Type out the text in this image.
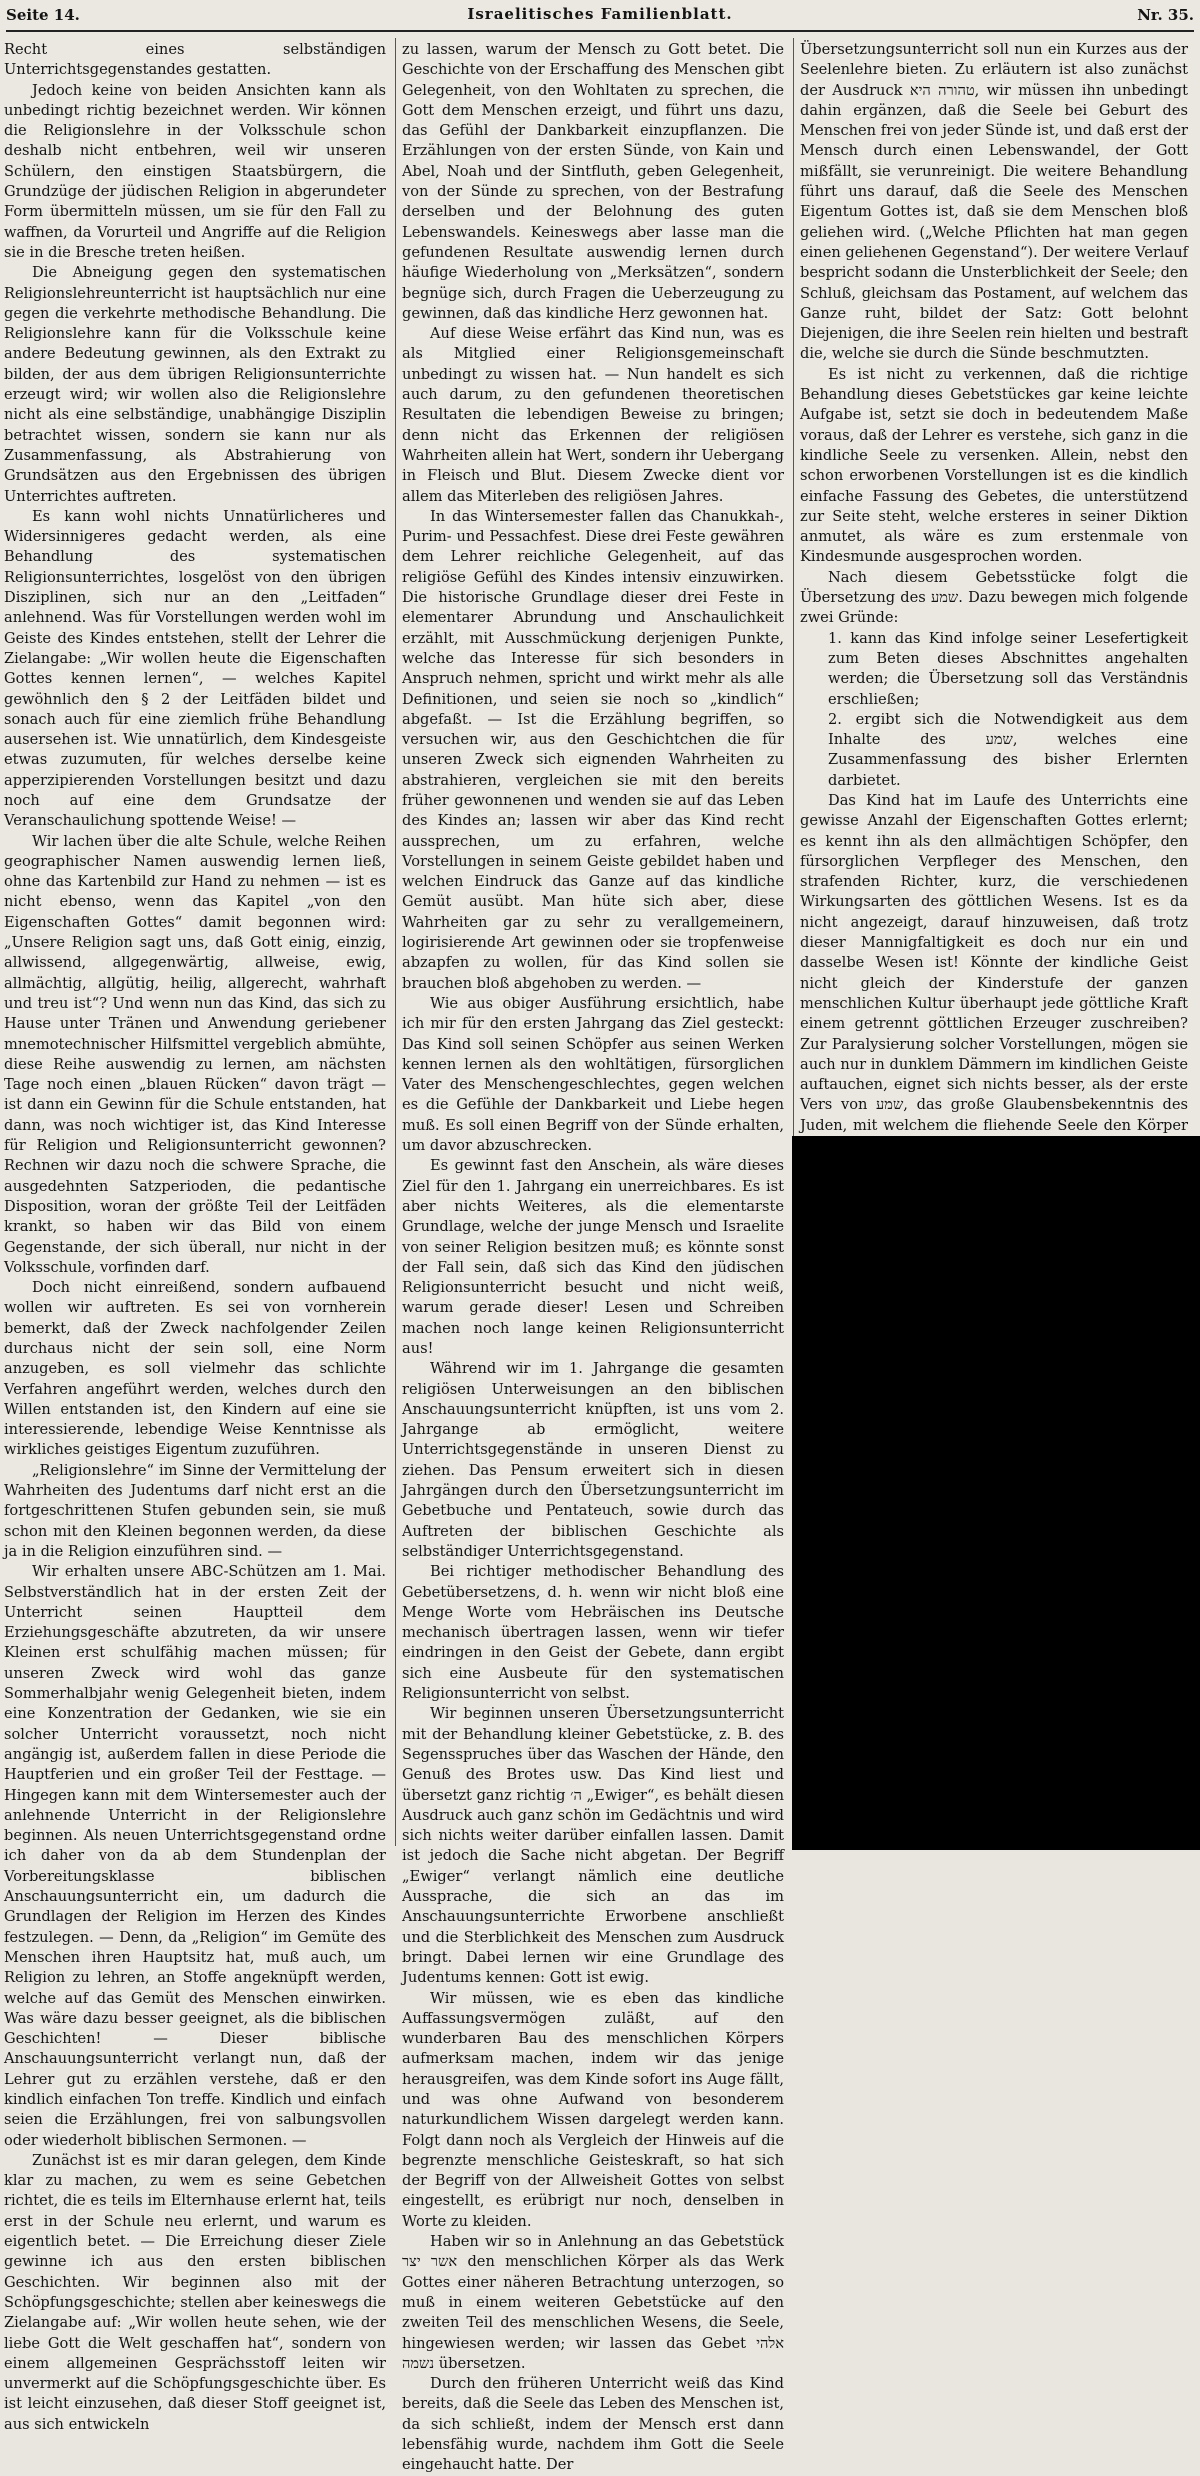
Seite 14.	Israelitisches Familienblatt.	Nr. 35.

Recht eines selbständigen Unterrichtsgegenstandes gestatten.

Jedoch keine von beiden Ansichten kann als unbedingt richtig bezeichnet werden. Wir können die Religionslehre in der Volksschule schon deshalb nicht entbehren, weil wir unseren Schülern, den einstigen Staatsbürgern, die Grundzüge der jüdischen Religion in abgerundeter Form übermitteln müssen, um sie für den Fall zu waffnen, da Vorurteil und Angriffe auf die Religion sie in die Bresche treten heißen.

Die Abneigung gegen den systematischen Religionslehreunterricht ist hauptsächlich nur eine gegen die verkehrte methodische Behandlung. Die Religionslehre kann für die Volksschule keine andere Bedeutung gewinnen, als den Extrakt zu bilden, der aus dem übrigen Religionsunterrichte erzeugt wird; wir wollen also die Religionslehre nicht als eine selbständige, unabhängige Disziplin betrachtet wissen, sondern sie kann nur als Zusammenfassung, als Abstrahierung von Grundsätzen aus den Ergebnissen des übrigen Unterrichtes auftreten.

Es kann wohl nichts Unnatürlicheres und Widersinnigeres gedacht werden, als eine Behandlung des systematischen Religionsunterrichtes, losgelöst von den übrigen Disziplinen, sich nur an den „Leitfaden“ anlehnend. Was für Vorstellungen werden wohl im Geiste des Kindes entstehen, stellt der Lehrer die Zielangabe: „Wir wollen heute die Eigenschaften Gottes kennen lernen“, — welches Kapitel gewöhnlich den § 2 der Leitfäden bildet und sonach auch für eine ziemlich frühe Behandlung ausersehen ist. Wie unnatürlich, dem Kindesgeiste etwas zuzumuten, für welches derselbe keine apperzipierenden Vorstellungen besitzt und dazu noch auf eine dem Grundsatze der Veranschaulichung spottende Weise! —

Wir lachen über die alte Schule, welche Reihen geographischer Namen auswendig lernen ließ, ohne das Kartenbild zur Hand zu nehmen — ist es nicht ebenso, wenn das Kapitel „von den Eigenschaften Gottes“ damit begonnen wird: „Unsere Religion sagt uns, daß Gott einig, einzig, allwissend, allgegenwärtig, allweise, ewig, allmächtig, allgütig, heilig, allgerecht, wahrhaft und treu ist“? Und wenn nun das Kind, das sich zu Hause unter Tränen und Anwendung geriebener mnemotechnischer Hilfsmittel vergeblich abmühte, diese Reihe auswendig zu lernen, am nächsten Tage noch einen „blauen Rücken“ davon trägt — ist dann ein Gewinn für die Schule entstanden, hat dann, was noch wichtiger ist, das Kind Interesse für Religion und Religionsunterricht gewonnen? Rechnen wir dazu noch die schwere Sprache, die ausgedehnten Satzperioden, die pedantische Disposition, woran der größte Teil der Leitfäden krankt, so haben wir das Bild von einem Gegenstande, der sich überall, nur nicht in der Volksschule, vorfinden darf.

Doch nicht einreißend, sondern aufbauend wollen wir auftreten. Es sei von vornherein bemerkt, daß der Zweck nachfolgender Zeilen durchaus nicht der sein soll, eine Norm anzugeben, es soll vielmehr das schlichte Verfahren angeführt werden, welches durch den Willen entstanden ist, den Kindern auf eine sie interessierende, lebendige Weise Kenntnisse als wirkliches geistiges Eigentum zuzuführen.

„Religionslehre“ im Sinne der Vermittelung der Wahrheiten des Judentums darf nicht erst an die fortgeschrittenen Stufen gebunden sein, sie muß schon mit den Kleinen begonnen werden, da diese ja in die Religion einzuführen sind. —

Wir erhalten unsere ABC-Schützen am 1. Mai. Selbstverständlich hat in der ersten Zeit der Unterricht seinen Hauptteil dem Erziehungsgeschäfte abzutreten, da wir unsere Kleinen erst schulfähig machen müssen; für unseren Zweck wird wohl das ganze Sommerhalbjahr wenig Gelegenheit bieten, indem eine Konzentration der Gedanken, wie sie ein solcher Unterricht voraussetzt, noch nicht angängig ist, außerdem fallen in diese Periode die Hauptferien und ein großer Teil der Festtage. — Hingegen kann mit dem Wintersemester auch der anlehnende Unterricht in der Religionslehre beginnen. Als neuen Unterrichtsgegenstand ordne ich daher von da ab dem Stundenplan der Vorbereitungsklasse biblischen Anschauungsunterricht ein, um dadurch die Grundlagen der Religion im Herzen des Kindes festzulegen. — Denn, da „Religion“ im Gemüte des Menschen ihren Hauptsitz hat, muß auch, um Religion zu lehren, an Stoffe angeknüpft werden, welche auf das Gemüt des Menschen einwirken. Was wäre dazu besser geeignet, als die biblischen Geschichten! — Dieser biblische Anschauungsunterricht verlangt nun, daß der Lehrer gut zu erzählen verstehe, daß er den kindlich einfachen Ton treffe. Kindlich und einfach seien die Erzählungen, frei von salbungsvollen oder wiederholt biblischen Sermonen. —

Zunächst ist es mir daran gelegen, dem Kinde klar zu machen, zu wem es seine Gebetchen richtet, die es teils im Elternhause erlernt hat, teils erst in der Schule neu erlernt, und warum es eigentlich betet. — Die Erreichung dieser Ziele gewinne ich aus den ersten biblischen Geschichten. Wir beginnen also mit der Schöpfungsgeschichte; stellen aber keineswegs die Zielangabe auf: „Wir wollen heute sehen, wie der liebe Gott die Welt geschaffen hat“, sondern von einem allgemeinen Gesprächsstoff leiten wir unvermerkt auf die Schöpfungsgeschichte über. Es ist leicht einzusehen, daß dieser Stoff geeignet ist, aus sich entwickeln

zu lassen, warum der Mensch zu Gott betet. Die Geschichte von der Erschaffung des Menschen gibt Gelegenheit, von den Wohltaten zu sprechen, die Gott dem Menschen erzeigt, und führt uns dazu, das Gefühl der Dankbarkeit einzupflanzen. Die Erzählungen von der ersten Sünde, von Kain und Abel, Noah und der Sintfluth, geben Gelegenheit, von der Sünde zu sprechen, von der Bestrafung derselben und der Belohnung des guten Lebenswandels. Keineswegs aber lasse man die gefundenen Resultate auswendig lernen durch häufige Wiederholung von „Merksätzen“, sondern begnüge sich, durch Fragen die Ueberzeugung zu gewinnen, daß das kindliche Herz gewonnen hat.

Auf diese Weise erfährt das Kind nun, was es als Mitglied einer Religionsgemeinschaft unbedingt zu wissen hat. — Nun handelt es sich auch darum, zu den gefundenen theoretischen Resultaten die lebendigen Beweise zu bringen; denn nicht das Erkennen der religiösen Wahrheiten allein hat Wert, sondern ihr Uebergang in Fleisch und Blut. Diesem Zwecke dient vor allem das Miterleben des religiösen Jahres.

In das Wintersemester fallen das Chanukkah-, Purim- und Pessachfest. Diese drei Feste gewähren dem Lehrer reichliche Gelegenheit, auf das religiöse Gefühl des Kindes intensiv einzuwirken. Die historische Grundlage dieser drei Feste in elementarer Abrundung und Anschaulichkeit erzählt, mit Ausschmückung derjenigen Punkte, welche das Interesse für sich besonders in Anspruch nehmen, spricht und wirkt mehr als alle Definitionen, und seien sie noch so „kindlich“ abgefaßt. — Ist die Erzählung begriffen, so versuchen wir, aus den Geschichtchen die für unseren Zweck sich eignenden Wahrheiten zu abstrahieren, vergleichen sie mit den bereits früher gewonnenen und wenden sie auf das Leben des Kindes an; lassen wir aber das Kind recht aussprechen, um zu erfahren, welche Vorstellungen in seinem Geiste gebildet haben und welchen Eindruck das Ganze auf das kindliche Gemüt ausübt. Man hüte sich aber, diese Wahrheiten gar zu sehr zu verallgemeinern, logirisierende Art gewinnen oder sie tropfenweise abzapfen zu wollen, für das Kind sollen sie brauchen bloß abgehoben zu werden. —

Wie aus obiger Ausführung ersichtlich, habe ich mir für den ersten Jahrgang das Ziel gesteckt: Das Kind soll seinen Schöpfer aus seinen Werken kennen lernen als den wohltätigen, fürsorglichen Vater des Menschengeschlechtes, gegen welchen es die Gefühle der Dankbarkeit und Liebe hegen muß. Es soll einen Begriff von der Sünde erhalten, um davor abzuschrecken.

Es gewinnt fast den Anschein, als wäre dieses Ziel für den 1. Jahrgang ein unerreichbares. Es ist aber nichts Weiteres, als die elementarste Grundlage, welche der junge Mensch und Israelite von seiner Religion besitzen muß; es könnte sonst der Fall sein, daß sich das Kind den jüdischen Religionsunterricht besucht und nicht weiß, warum gerade dieser! Lesen und Schreiben machen noch lange keinen Religionsunterricht aus!

Während wir im 1. Jahrgange die gesamten religiösen Unterweisungen an den biblischen Anschauungsunterricht knüpften, ist uns vom 2. Jahrgange ab ermöglicht, weitere Unterrichtsgegenstände in unseren Dienst zu ziehen. Das Pensum erweitert sich in diesen Jahrgängen durch den Übersetzungsunterricht im Gebetbuche und Pentateuch, sowie durch das Auftreten der biblischen Geschichte als selbständiger Unterrichtsgegenstand.

Bei richtiger methodischer Behandlung des Gebetübersetzens, d. h. wenn wir nicht bloß eine Menge Worte vom Hebräischen ins Deutsche mechanisch übertragen lassen, wenn wir tiefer eindringen in den Geist der Gebete, dann ergibt sich eine Ausbeute für den systematischen Religionsunterricht von selbst.

Wir beginnen unseren Übersetzungsunterricht mit der Behandlung kleiner Gebetstücke, z. B. des Segensspruches über das Waschen der Hände, den Genuß des Brotes usw. Das Kind liest und übersetzt ganz richtig ה׳ „Ewiger“, es behält diesen Ausdruck auch ganz schön im Gedächtnis und wird sich nichts weiter darüber einfallen lassen. Damit ist jedoch die Sache nicht abgetan. Der Begriff „Ewiger“ verlangt nämlich eine deutliche Aussprache, die sich an das im Anschauungsunterrichte Erworbene anschließt und die Sterblichkeit des Menschen zum Ausdruck bringt. Dabei lernen wir eine Grundlage des Judentums kennen: Gott ist ewig.

Wir müssen, wie es eben das kindliche Auffassungsvermögen zuläßt, auf den wunderbaren Bau des menschlichen Körpers aufmerksam machen, indem wir das jenige herausgreifen, was dem Kinde sofort ins Auge fällt, und was ohne Aufwand von besonderem naturkundlichem Wissen dargelegt werden kann. Folgt dann noch als Vergleich der Hinweis auf die begrenzte menschliche Geisteskraft, so hat sich der Begriff von der Allweisheit Gottes von selbst eingestellt, es erübrigt nur noch, denselben in Worte zu kleiden.

Haben wir so in Anlehnung an das Gebetstück אשר יצר den menschlichen Körper als das Werk Gottes einer näheren Betrachtung unterzogen, so muß in einem weiteren Gebetstücke auf den zweiten Teil des menschlichen Wesens, die Seele, hingewiesen werden; wir lassen das Gebet אלהי נשמה übersetzen.

Durch den früheren Unterricht weiß das Kind bereits, daß die Seele das Leben des Menschen ist, da sich schließt, indem der Mensch erst dann lebensfähig wurde, nachdem ihm Gott die Seele eingehaucht hatte. Der

Übersetzungsunterricht soll nun ein Kurzes aus der Seelenlehre bieten. Zu erläutern ist also zunächst der Ausdruck טהורה היא, wir müssen ihn unbedingt dahin ergänzen, daß die Seele bei Geburt des Menschen frei von jeder Sünde ist, und daß erst der Mensch durch einen Lebenswandel, der Gott mißfällt, sie verunreinigt. Die weitere Behandlung führt uns darauf, daß die Seele des Menschen Eigentum Gottes ist, daß sie dem Menschen bloß geliehen wird. („Welche Pflichten hat man gegen einen geliehenen Gegenstand“). Der weitere Verlauf bespricht sodann die Unsterblichkeit der Seele; den Schluß, gleichsam das Postament, auf welchem das Ganze ruht, bildet der Satz: Gott belohnt Diejenigen, die ihre Seelen rein hielten und bestraft die, welche sie durch die Sünde beschmutzten.

Es ist nicht zu verkennen, daß die richtige Behandlung dieses Gebetstückes gar keine leichte Aufgabe ist, setzt sie doch in bedeutendem Maße voraus, daß der Lehrer es verstehe, sich ganz in die kindliche Seele zu versenken. Allein, nebst den schon erworbenen Vorstellungen ist es die kindlich einfache Fassung des Gebetes, die unterstützend zur Seite steht, welche ersteres in seiner Diktion anmutet, als wäre es zum erstenmale von Kindesmunde ausgesprochen worden.

Nach diesem Gebetsstücke folgt die Übersetzung des שמע. Dazu bewegen mich folgende zwei Gründe:

1. kann das Kind infolge seiner Lesefertigkeit zum Beten dieses Abschnittes angehalten werden; die Übersetzung soll das Verständnis erschließen;
2. ergibt sich die Notwendigkeit aus dem Inhalte des שמע, welches eine Zusammenfassung des bisher Erlernten darbietet.

Das Kind hat im Laufe des Unterrichts eine gewisse Anzahl der Eigenschaften Gottes erlernt; es kennt ihn als den allmächtigen Schöpfer, den fürsorglichen Verpfleger des Menschen, den strafenden Richter, kurz, die verschiedenen Wirkungsarten des göttlichen Wesens. Ist es da nicht angezeigt, darauf hinzuweisen, daß trotz dieser Mannigfaltigkeit es doch nur ein und dasselbe Wesen ist! Könnte der kindliche Geist nicht gleich der Kinderstufe der ganzen menschlichen Kultur überhaupt jede göttliche Kraft einem getrennt göttlichen Erzeuger zuschreiben? Zur Paralysierung solcher Vorstellungen, mögen sie auch nur in dunklem Dämmern im kindlichen Geiste auftauchen, eignet sich nichts besser, als der erste Vers von שמע, das große Glaubensbekenntnis des Juden, mit welchem die fliehende Seele den Körper
